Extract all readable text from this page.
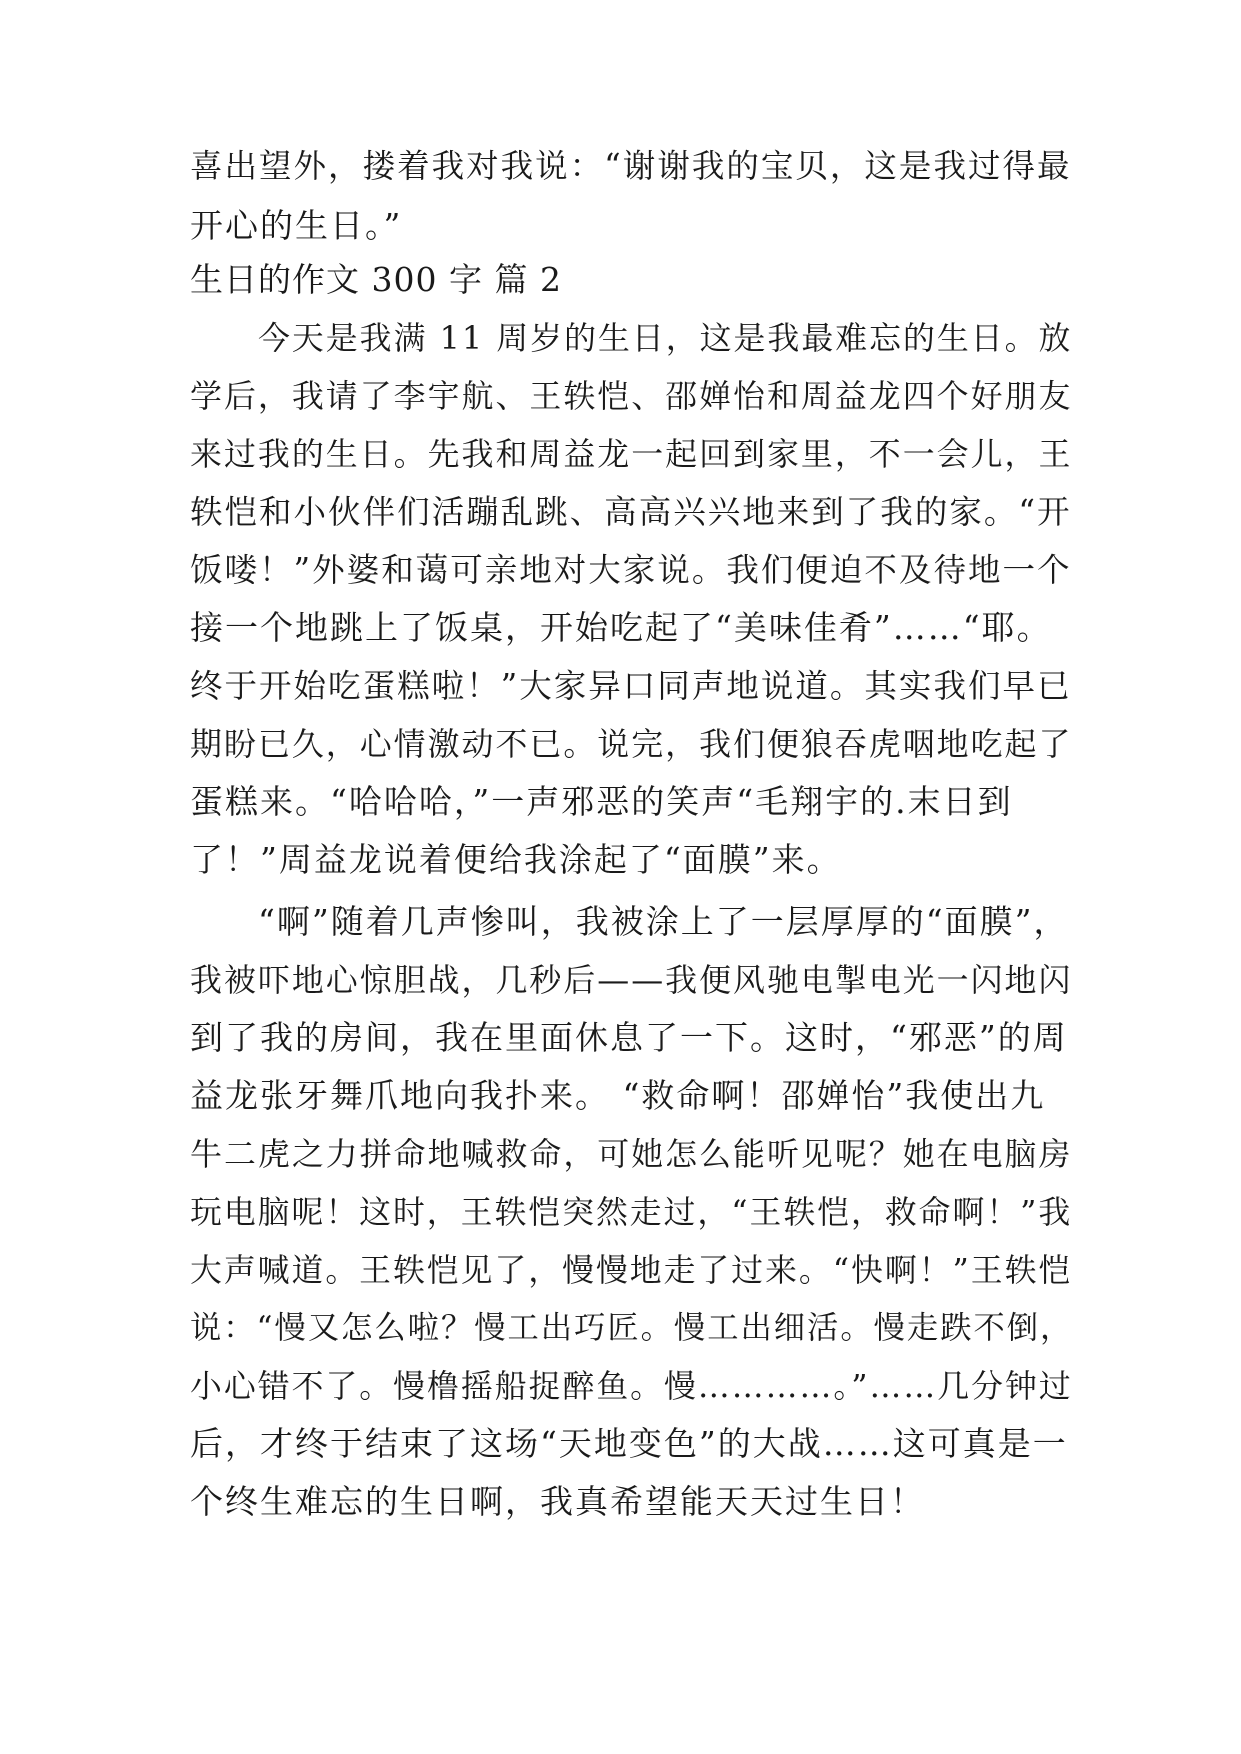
喜出望外，搂着我对我说：“谢谢我的宝贝，这是我过得最
开心的生日。”
生日的作文 300 字 篇 2
今天是我满 11 周岁的生日，这是我最难忘的生日。放
学后，我请了李宇航、王轶恺、邵婵怡和周益龙四个好朋友
来过我的生日。先我和周益龙一起回到家里，不一会儿，王
轶恺和小伙伴们活蹦乱跳、高高兴兴地来到了我的家。“开
饭喽！”外婆和蔼可亲地对大家说。我们便迫不及待地一个
接一个地跳上了饭桌，开始吃起了“美味佳肴”……“耶。
终于开始吃蛋糕啦！”大家异口同声地说道。其实我们早已
期盼已久，心情激动不已。说完，我们便狼吞虎咽地吃起了
蛋糕来。“哈哈哈，”一声邪恶的笑声“毛翔宇的.末日到
了！”周益龙说着便给我涂起了“面膜”来。
“啊”随着几声惨叫，我被涂上了一层厚厚的“面膜”，
我被吓地心惊胆战，几秒后——我便风驰电掣电光一闪地闪
到了我的房间，我在里面休息了一下。这时，“邪恶”的周
益龙张牙舞爪地向我扑来。 “救命啊！邵婵怡”我使出九
牛二虎之力拼命地喊救命，可她怎么能听见呢？她在电脑房
玩电脑呢！这时，王轶恺突然走过，“王轶恺，救命啊！”我
大声喊道。王轶恺见了，慢慢地走了过来。“快啊！”王轶恺
说：“慢又怎么啦？慢工出巧匠。慢工出细活。慢走跌不倒，
小心错不了。慢橹摇船捉醉鱼。慢…………。”……几分钟过
后，才终于结束了这场“天地变色”的大战……这可真是一
个终生难忘的生日啊，我真希望能天天过生日！
